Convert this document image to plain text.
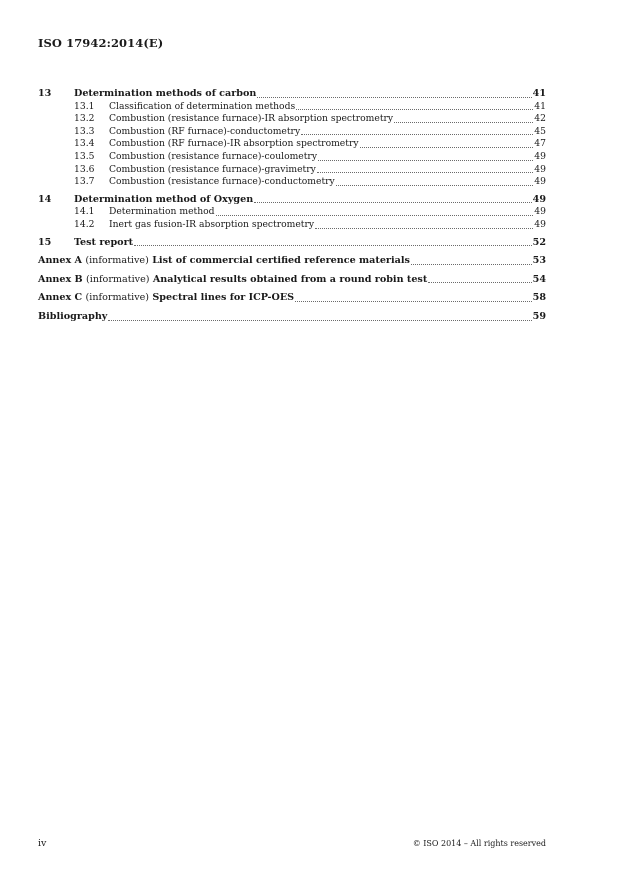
ISO 17942:2014(E)
13	Determination methods of carbon	41
13.1	Classification of determination methods	41
13.2	Combustion (resistance furnace)-IR absorption spectrometry	42
13.3	Combustion (RF furnace)-conductometry	45
13.4	Combustion (RF furnace)-IR absorption spectrometry	47
13.5	Combustion (resistance furnace)-coulometry	49
13.6	Combustion (resistance furnace)-gravimetry	49
13.7	Combustion (resistance furnace)-conductometry	49
14	Determination method of Oxygen	49
14.1	Determination method	49
14.2	Inert gas fusion-IR absorption spectrometry	49
15	Test report	52
Annex A (informative) List of commercial certified reference materials	53
Annex B (informative) Analytical results obtained from a round robin test	54
Annex C (informative) Spectral lines for ICP-OES	58
Bibliography	59
iv	© ISO 2014 – All rights reserved
